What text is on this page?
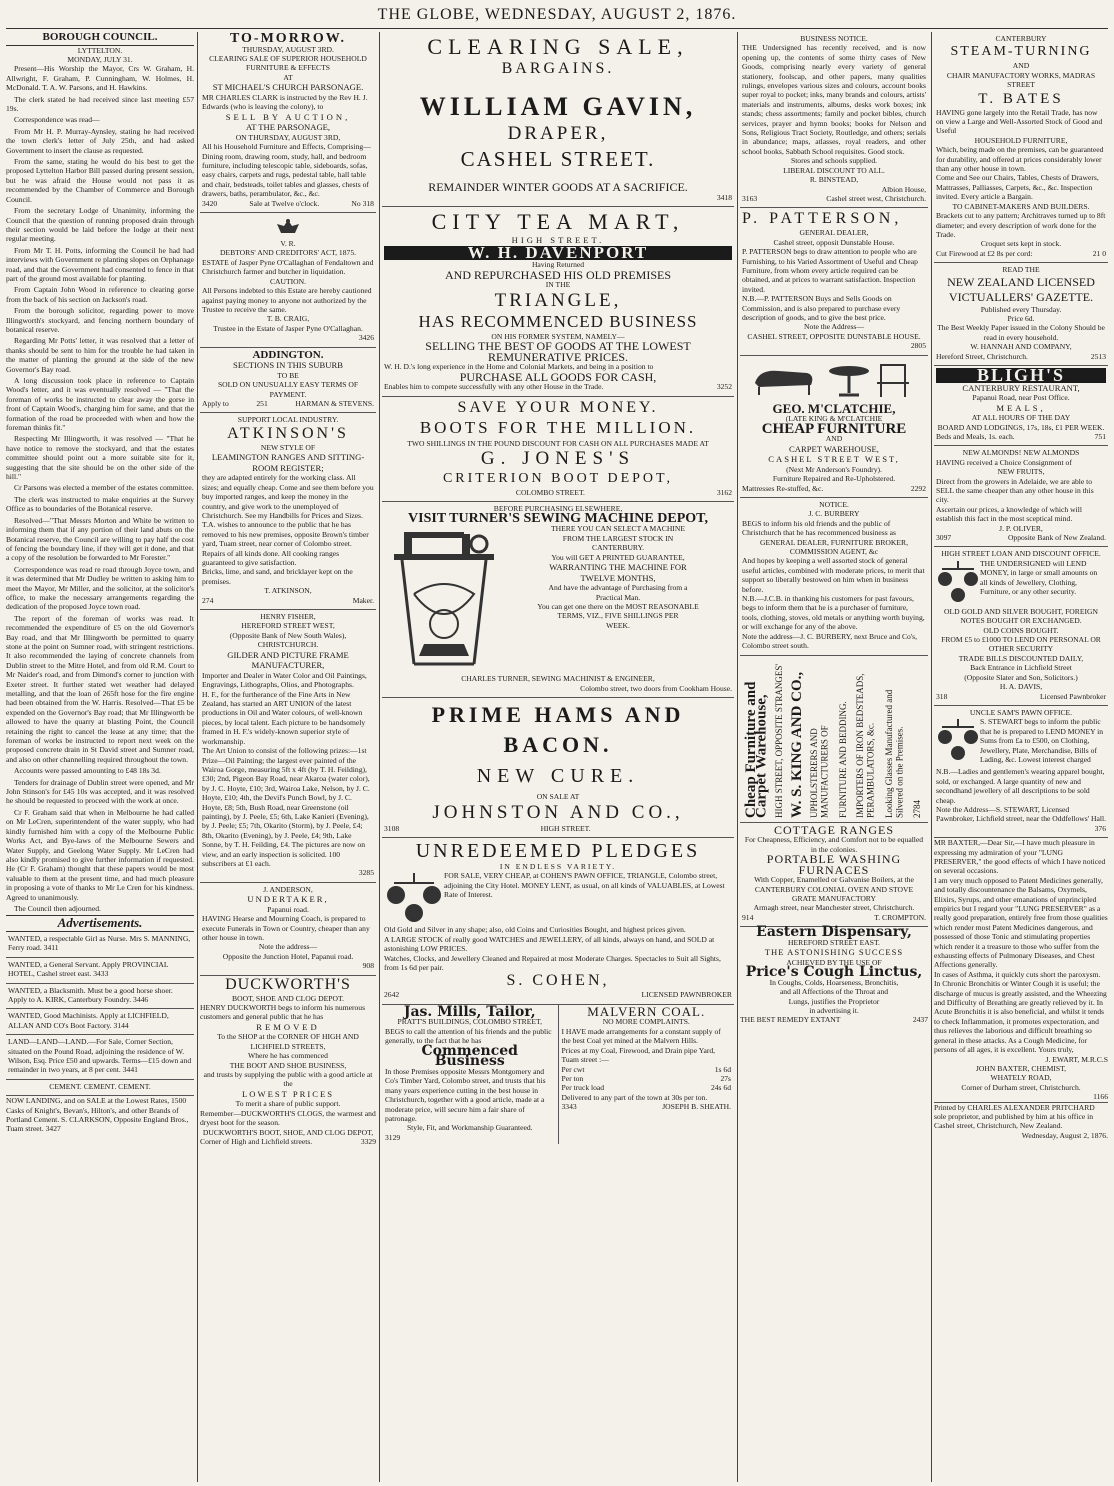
THE GLOBE, WEDNESDAY, AUGUST 2, 1876.
BOROUGH COUNCIL.
LYTTELTON.
MONDAY, JULY 31.

Present—His Worship the Mayor, Crs W. Graham, H. Allwright, F. Graham, P. Cunningham, W. Holmes, H. McDonald. T. A. W. Parsons, and H. Hawkins.

The clerk stated he had received since last meeting £57 19s.

Correspondence was read—

From Mr H. P. Murray-Aynsley, stating he had received the town clerk's letter of July 25th, and had asked Government to insert the clause as requested.

From the same, stating he would do his best to get the proposed Lyttelton Harbor Bill passed during present session, but he was afraid the House would not pass it as recommended by the Chamber of Commerce and Borough Council.

From the secretary Lodge of Unanimity, informing the Council that the question of running proposed drain through their section would be laid before the lodge at their next regular meeting.

From Mr T. H. Potts, informing the Council he had had interviews with Government re planting slopes on Orphanage road, and that the Government had consented to fence in that part of the ground most available for planting.

From Captain John Wood in reference to clearing gorse from the back of his section on Jackson's road.

From the borough solicitor, regarding power to move Illingworth's stockyard, and fencing northern boundary of botanical reserve.

Regarding Mr Potts' letter, it was resolved that a letter of thanks should be sent to him for the trouble he had taken in the matter of planting the ground at the side of the new Governor's Bay road.

A long discussion took place in reference to Captain Wood's letter, and it was eventually resolved — "That the foreman of works be instructed to clear away the gorse in front of Captain Wood's, charging him for same, and that the formation of the road be proceeded with when and how the foreman thinks fit."

Respecting Mr Illingworth, it was resolved — "That he have notice to remove the stockyard, and that the estates committee should point out a more suitable site for it, suggesting that the site should be on the other side of the hill."

Cr Parsons was elected a member of the estates committee.

The clerk was instructed to make enquiries at the Survey Office as to boundaries of the Botanical reserve.

Resolved—"That Messrs Morton and White be written to informing them that if any portion of their land abuts on the Botanical reserve, the Council are willing to pay half the cost of fencing the boundary line, if they will get it done, and that a copy of the resolution be forwarded to Mr Forester."

Correspondence was read re road through Joyce town, and it was determined that Mr Dudley be written to asking him to meet the Mayor, Mr Miller, and the solicitor, at the solicitor's office, to make the necessary arrangements regarding the dedication of the proposed Joyce town road.

The report of the foreman of works was read. It recommended the expenditure of £5 on the old Governor's Bay road, and that Mr Illingworth be permitted to quarry stone at the point on Sumner road, with stringent restrictions. It also recommended the laying of concrete channels from Dublin street to the Mitre Hotel, and from old R.M. Court to Mr Naider's road, and from Dimond's corner to junction with Exeter street. It further stated wet weather had delayed metalling, and that the loan of 265ft hose for the fire engine had been obtained from the W. Harris. Resolved—That £5 be expended on the Governor's Bay road; that Mr Illingworth be allowed to have the quarry at blasting Point, the Council retaining the right to cancel the lease at any time; that the foreman of works be instructed to report next week on the proposed concrete drain in St David street and Sumner road, and also on other channelling required throughout the town.

Accounts were passed amounting to £48 18s 3d.

Tenders for drainage of Dublin street were opened, and Mr John Stinson's for £45 10s was accepted, and it was resolved he should be requested to proceed with the work at once.

Cr F. Graham said that when in Melbourne he had called on Mr LeCren, superintendent of the water supply, who had kindly furnished him with a copy of the Melbourne Public Works Act, and Bye-laws of the Melbourne Sewers and Water Supply, and Geelong Water Supply. Mr LeCren had also kindly promised to give further information if requested. He (Cr F. Graham) thought that these papers would be most valuable to them at the present time, and had much pleasure in proposing a vote of thanks to Mr Le Cren for his kindness. Agreed to unanimously.

The Council then adjourned.

Advertisements.
WANTED, a respectable Girl as Nurse. Mrs S. MANNING, Ferry road. 3411
WANTED, a General Servant. Apply PROVINCIAL HOTEL, Cashel street east. 3433
WANTED, a Blacksmith. Must be a good horse shoer. Apply to A. KIRK, Canterbury Foundry. 3446
WANTED, Good Machinists. Apply at LICHFIELD, ALLAN AND CO's Boot Factory. 3144
LAND—LAND—LAND.—For Sale, Corner Section, situated on the Pound Road, adjoining the residence of W. Wilson, Esq. Price £50 and upwards. Terms—£15 down and remainder in two years, at 8 per cent. 3441
CEMENT. CEMENT. CEMENT.
NOW LANDING, and on SALE at the Lowest Rates, 1500 Casks of Knight's, Bevan's, Hilton's, and other Brands of Portland Cement. S. CLARKSON, Opposite England Bros., Tuam street. 3427
TO-MORROW.
THURSDAY, AUGUST 3RD.
CLEARING SALE OF SUPERIOR HOUSEHOLD FURNITURE & EFFECTS
AT
ST MICHAEL'S CHURCH PARSONAGE.
MR CHARLES CLARK is instructed by the Rev H. J. Edwards (who is leaving the colony), to
SELL BY AUCTION,
AT THE PARSONAGE,
ON THURSDAY, AUGUST 3RD,
All his Household Furniture and Effects, Comprising— Dining room, drawing room, study, hall, and bedroom furniture, including telescopic table, sideboards, sofas, easy chairs, carpets and rugs, pedestal table, hall table and chair, bedsteads, toilet tables and glasses, chests of drawers, baths, perambulator, &c., &c.
3420	Sale at Twelve o'clock.	No 318
V. R.
DEBTORS' AND CREDITORS' ACT, 1875.
ESTATE of Jasper Pyne O'Callaghan of Fendaltown and Christchurch farmer and butcher in liquidation.
CAUTION.
All Persons indebted to this Estate are hereby cautioned against paying money to anyone not authorized by the Trustee to receive the same.
T. B. CRAIG,
Trustee in the Estate of Jasper Pyne O'Callaghan.
3426
ADDINGTON.
SECTIONS IN THIS SUBURB
TO BE
SOLD ON UNUSUALLY EASY TERMS OF PAYMENT.
Apply to	251	HARMAN & STEVENS.
SUPPORT LOCAL INDUSTRY.
ATKINSON'S
NEW STYLE OF
LEAMINGTON RANGES AND SITTING-ROOM REGISTER;
they are adapted entirely for the working class. All sizes; and equally cheap. Come and see them before you buy imported ranges, and keep the money in the country, and give work to the unemployed of Christchurch. See my Handbills for Prices and Sizes.
T.A. wishes to announce to the public that he has removed to his new premises, opposite Brown's timber yard, Tuam street, near corner of Colombo street. Repairs of all kinds done. All cooking ranges guaranteed to give satisfaction.
Bricks, lime, and sand, and bricklayer kept on the premises.
T. ATKINSON,
274	Maker.
HENRY FISHER,
HEREFORD STREET WEST,
(Opposite Bank of New South Wales),
CHRISTCHURCH.
GILDER AND PICTURE FRAME MANUFACTURER,
Importer and Dealer in Water Color and Oil Paintings, Engravings, Lithographs, Olios, and Photographs.
H. F., for the furtherance of the Fine Arts in New Zealand, has started an ART UNION of the latest productions in Oil and Water colours, of well-known pieces, by local talent. Each picture to be handsomely framed in H. F.'s widely-known superior style of workmanship.
The Art Union to consist of the following prizes:—1st Prize—Oil Painting; the largest ever painted of the Wairoa Gorge, measuring 5ft x 4ft (by T. H. Feilding), £30; 2nd, Pigeon Bay Road, near Akaroa (water color), by J. C. Hoyte, £10; 3rd, Wairoa Lake, Nelson, by J. C. Hoyte, £10; 4th, the Devil's Punch Bowl, by J. C. Hoyte, £8; 5th, Bush Road, near Greenstone (oil painting), by J. Peele, £5; 6th, Lake Kanieri (Evening), by J. Peele; £5; 7th, Okarito (Storm), by J. Peele, £4; 8th, Okarito (Evening), by J. Peele, £4; 9th, Lake Sonne, by T. H. Feilding, £4. The pictures are now on view, and an early inspection is solicited. 100 subscribers at £1 each.
3285
J. ANDERSON,
UNDERTAKER,
Papanui road.
HAVING Hearse and Mourning Coach, is prepared to execute Funerals in Town or Country, cheaper than any other house in town.
Note the address—
Opposite the Junction Hotel, Papanui road.
908
DUCKWORTH'S
BOOT, SHOE AND CLOG DEPOT.
HENRY DUCKWORTH begs to inform his numerous customers and general public that he has
REMOVED
To the SHOP at the CORNER OF HIGH AND LICHFIELD STREETS,
Where he has commenced
THE BOOT AND SHOE BUSINESS,
and trusts by supplying the public with a good article at the
LOWEST PRICES
To merit a share of public support.
Remember—DUCKWORTH'S CLOGS, the warmest and dryest boot for the season.
DUCKWORTH'S BOOT, SHOE, AND CLOG DEPOT,
Corner of High and Lichfield streets.	3329
CLEARING SALE,
BARGAINS.
WILLIAM GAVIN,
DRAPER,
CASHEL STREET.
REMAINDER WINTER GOODS AT A SACRIFICE.
3418
CITY TEA MART,
HIGH STREET.
W. H. DAVENPORT
Having Returned
AND REPURCHASED HIS OLD PREMISES
IN THE
TRIANGLE,
HAS RECOMMENCED BUSINESS
ON HIS FORMER SYSTEM, NAMELY—
SELLING THE BEST OF GOODS AT THE LOWEST
REMUNERATIVE PRICES.
W. H. D.'s long experience in the Home and Colonial Markets, and being in a position to
PURCHASE ALL GOODS FOR CASH,
Enables him to compete successfully with any other House in the Trade.	3252
SAVE YOUR MONEY.
BOOTS FOR THE MILLION.
TWO SHILLINGS IN THE POUND DISCOUNT FOR CASH ON ALL PURCHASES MADE AT
G. JONES'S
CRITERION BOOT DEPOT,
COLOMBO STREET.	3162
BEFORE PURCHASING ELSEWHERE,
VISIT TURNER'S SEWING MACHINE DEPOT,
THERE YOU CAN SELECT A MACHINE
FROM THE LARGEST STOCK IN
CANTERBURY.
You will GET A PRINTED GUARANTEE,
WARRANTING THE MACHINE FOR
TWELVE MONTHS,
And have the advantage of Purchasing from a
Practical Man.
You can get one there on the MOST REASONABLE
TERMS, VIZ., FIVE SHILLINGS PER
WEEK.
CHARLES TURNER, SEWING MACHINIST & ENGINEER,
Colombo street, two doors from Cookham House.
PRIME HAMS AND BACON.
NEW CURE.
ON SALE AT
JOHNSTON AND CO.,
3108	HIGH STREET.
UNREDEEMED PLEDGES
IN ENDLESS VARIETY.
FOR SALE, VERY CHEAP, at COHEN'S PAWN OFFICE, TRIANGLE, Colombo street, adjoining the City Hotel. MONEY LENT, as usual, on all kinds of VALUABLES, at Lowest Rate of Interest.
Old Gold and Silver in any shape; also, old Coins and Curiosities Bought, and highest prices given.
A LARGE STOCK of really good WATCHES and JEWELLERY, of all kinds, always on hand, and SOLD at astonishing LOW PRICES.
Watches, Clocks, and Jewellery Cleaned and Repaired at most Moderate Charges. Spectacles to Suit all Sights, from 1s 6d per pair.
S. COHEN,
2642	LICENSED PAWNBROKER
Jas. Mills, Tailor,
PRATT'S BUILDINGS, COLOMBO STREET,
BEGS to call the attention of his friends and the public generally, to the fact that he has
Commenced Business
In those Premises opposite Messrs Montgomery and Co's Timber Yard, Colombo street, and trusts that his many years experience cutting in the best house in Christchurch, together with a good article, made at a moderate price, will secure him a fair share of patronage.
Style, Fit, and Workmanship Guaranteed.
3129
MALVERN COAL.
NO MORE COMPLAINTS.
I HAVE made arrangements for a constant supply of the best Coal yet mined at the Malvern Hills.
Prices at my Coal, Firewood, and Drain pipe Yard, Tuam street :—
Per cwt	1s 6d
Per ton	27s
Per truck load	24s 6d
Delivered to any part of the town at 30s per ton.
3343	JOSEPH B. SHEATH.
BUSINESS NOTICE.
THE Undersigned has recently received, and is now opening up, the contents of some thirty cases of New Goods, comprising nearly every variety of general stationery, foolscap, and other papers, many qualities rulings, envelopes various sizes and colours, account books super royal to pocket; inks, many brands and colours, artists' materials and instruments, albums, desks work boxes; ink stands; chess assortments; family and pocket bibles, church services, prayer and hymn books; books for Nelson and Sons, Religious Tract Society, Routledge, and others; serials in abundance; maps, atlasses, royal readers, and other school books, Sabbath School requisites. Good stock.
Stores and schools supplied.
LIBERAL DISCOUNT TO ALL.
R. BINSTEAD,
Albion House,
3163	Cashel street west, Christchurch.
P. PATTERSON,
GENERAL DEALER,
Cashel street, opposit Dunstable House.
P. PATTERSON begs to draw attention to people who are Furnishing, to his Varied Assortment of Useful and Cheap Furniture, from whom every article required can be obtained, and at prices to warrant satisfaction. Inspection invited.
N.B.—P. PATTERSON Buys and Sells Goods on Commission, and is also prepared to purchase every description of goods, and to give the best price.
Note the Address—
CASHEL STREET, OPPOSITE DUNSTABLE HOUSE.
2805
GEO. M'CLATCHIE,
(LATE KING & M'CLATCHIE
CHEAP FURNITURE
AND
CARPET WAREHOUSE,
CASHEL STREET WEST,
(Next Mr Anderson's Foundry).
Furniture Repaired and Re-Upholstered.
Mattresses Re-stuffed, &c.	2292
NOTICE.
J. C. BURBERY
BEGS to inform his old friends and the public of Christchurch that he has recommenced business as
GENERAL DEALER, FURNITURE BROKER, COMMISSION AGENT, &c
And hopes by keeping a well assorted stock of general useful articles, combined with moderate prices, to merit that support so liberally bestowed on him when in business before.
N.B.—J.C.B. in thanking his customers for past favours, begs to inform them that he is a purchaser of furniture, tools, clothing, stoves, old metals or anything worth buying, or will exchange for any of the above.
Note the address—J. C. BURBERY, next Bruce and Co's, Colombo street south.
Cheap Furniture and Carpet Warehouse, HIGH STREET, OPPOSITE STRANGES' W. S. KING AND CO., UPHOLSTERERS AND MANUFACTURERS OF FURNITURE AND BEDDING. IMPORTERS OF IRON BEDSTEADS, PERAMBULATORS, &c. Looking Glasses Manufactured and Silvered on the Premises. 2784
COTTAGE RANGES
For Cheapness, Efficiency, and Comfort not to be equalled in the colonies.
PORTABLE WASHING FURNACES
With Copper, Enamelled or Galvanise Boilers, at the
CANTERBURY COLONIAL OVEN AND STOVE GRATE MANUFACTORY
Armagh street, near Manchester street, Christchurch.
914	T. CROMPTON.
Eastern Dispensary,
HEREFORD STREET EAST.
THE ASTONISHING SUCCESS
ACHIEVED BY THE USE OF
Price's Cough Linctus,
In Coughs, Colds, Hoarseness, Bronchitis,
and all Affections of the Throat and
Lungs, justifies the Proprietor
in advertising it.
THE BEST REMEDY EXTANT	2437
CANTERBURY
STEAM-TURNING
AND
CHAIR MANUFACTORY WORKS, MADRAS STREET
T. BATES
HAVING gone largely into the Retail Trade, has now on view a Large and Well-Assorted Stock of Good and Useful
HOUSEHOLD FURNITURE,
Which, being made on the premises, can be guaranteed for durability, and offered at prices considerably lower than any other house in town.
Come and See our Chairs, Tables, Chests of Drawers, Mattrasses, Palliasses, Carpets, &c., &c. Inspection invited. Every article a Bargain.
TO CABINET-MAKERS AND BUILDERS.
Brackets cut to any pattern; Architraves turned up to 8ft diameter; and every description of work done for the Trade.
Croquet sets kept in stock.
Cut Firewood at £2 8s per cord:	21 0
READ THE
NEW ZEALAND LICENSED VICTUALLERS' GAZETTE.
Published every Thursday.
Price 6d.
The Best Weekly Paper issued in the Colony Should be read in every household.
W. HANNAH AND COMPANY,
Hereford Street, Christchurch.	2513
BLIGH'S
CANTERBURY RESTAURANT,
Papanui Road, near Post Office.
MEALS,
AT ALL HOURS OF THE DAY
BOARD AND LODGINGS, 17s, 18s, £1 PER WEEK.
Beds and Meals, 1s. each.	751
NEW ALMONDS! NEW ALMONDS
HAVING received a Choice Consignment of
NEW FRUITS,
Direct from the growers in Adelaide, we are able to SELL the same cheaper than any other house in this city.
Ascertain our prices, a knowledge of which will establish this fact in the most sceptical mind.
J. P. OLIVER,
3097	Opposite Bank of New Zealand.
HIGH STREET LOAN AND DISCOUNT OFFICE.
THE UNDERSIGNED will LEND MONEY, in large or small amounts on all kinds of Jewellery, Clothing, Furniture, or any other security.
OLD GOLD AND SILVER BOUGHT, FOREIGN NOTES BOUGHT OR EXCHANGED.
OLD COINS BOUGHT.
FROM £5 to £1000 TO LEND ON PERSONAL OR OTHER SECURITY
TRADE BILLS DISCOUNTED DAILY,
Back Entrance in Lichfield Street
(Opposite Slater and Son, Solicitors.)
H. A. DAVIS,
318	Licensed Pawnbroker
UNCLE SAM'S PAWN OFFICE.
S. STEWART begs to inform the public that he is prepared to LEND MONEY in Sums from £a to £500, on Clothing, Jewellery, Plate, Merchandise, Bills of Lading, &c. Lowest interest charged
N.B.—Ladies and gentlemen's wearing apparel bought, sold, or exchanged. A large quantity of new and secondhand jewellery of all descriptions to be sold cheap.
Note the Address—S. STEWART, Licensed Pawnbroker, Lichfield street, near the Oddfellows' Hall.
376
MR BAXTER,—Dear Sir,—I have much pleasure in expressing my admiration of your "LUNG PRESERVER," the good effects of which I have noticed on several occasions.
I am very much opposed to Patent Medicines generally, and totally discountenance the Balsams, Oxymels, Elixirs, Syrups, and other emanations of unprincipled empirics but I regard your "LUNG PRESERVER" as a really good preparation, entirely free from those qualities which render most Patent Medicines dangerous, and possessed of those Tonic and stimulating properties which render it a treasure to those who suffer from the exhausting effects of Pulmonary Diseases, and Chest Affections generally.
In cases of Asthma, it quickly cuts short the paroxysm. In Chronic Bronchitis or Winter Cough it is useful; the discharge of mucus is greatly assisted, and the Wheezing and Difficulty of Breathing are greatly relieved by it. In Acute Bronchitis it is also beneficial, and whilst it tends to check Inflammation, it promotes expectoration, and thus relieves the laborious and difficult breathing so general in these attacks. As a Cough Medicine, for persons of all ages, it is excellent. Yours truly,
J. EWART, M.R.C.S
JOHN BAXTER, CHEMIST,
WHATELY ROAD,
Corner of Durham street, Christchurch.
1166
Printed by CHARLES ALEXANDER PRITCHARD sole proprietor, and published by him at his office in Cashel street, Christchurch, New Zealand.
Wednesday, August 2, 1876.
